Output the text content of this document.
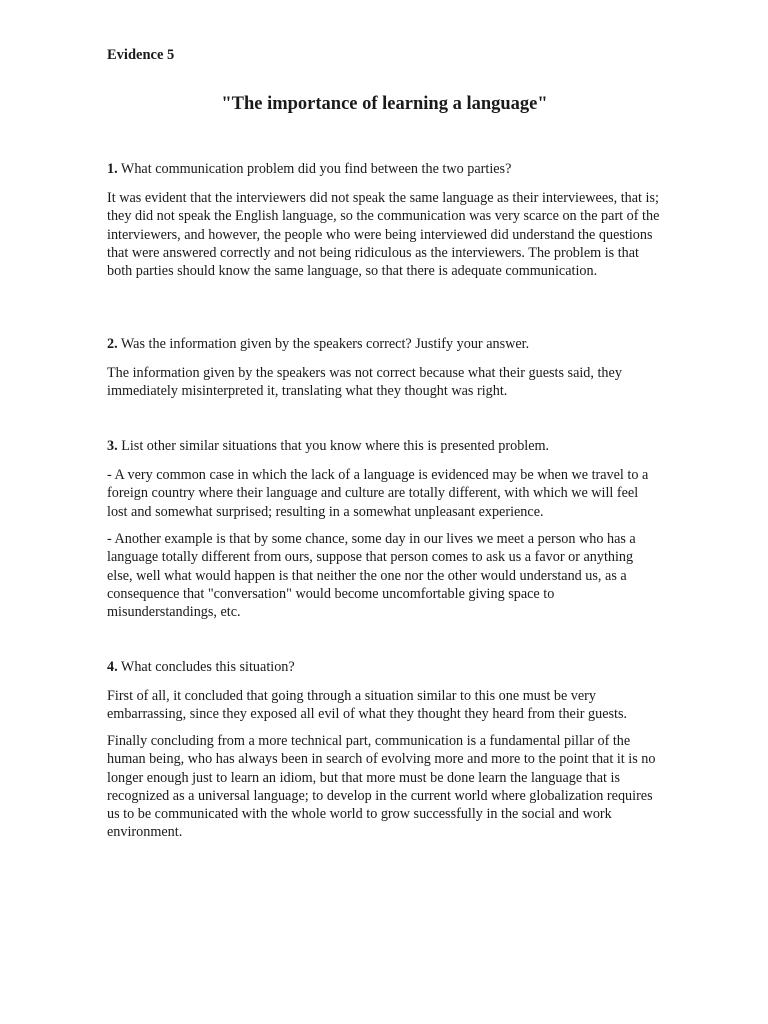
Evidence 5
"The importance of learning a language"
1. What communication problem did you find between the two parties?

It was evident that the interviewers did not speak the same language as their interviewees, that is; they did not speak the English language, so the communication was very scarce on the part of the interviewers, and however, the people who were being interviewed did understand the questions that were answered correctly and not being ridiculous as the interviewers. The problem is that both parties should know the same language, so that there is adequate communication.

2. Was the information given by the speakers correct? Justify your answer.

The information given by the speakers was not correct because what their guests said, they immediately misinterpreted it, translating what they thought was right.

3. List other similar situations that you know where this is presented problem.

- A very common case in which the lack of a language is evidenced may be when we travel to a foreign country where their language and culture are totally different, with which we will feel lost and somewhat surprised; resulting in a somewhat unpleasant experience.

- Another example is that by some chance, some day in our lives we meet a person who has a language totally different from ours, suppose that person comes to ask us a favor or anything else, well what would happen is that neither the one nor the other would understand us, as a consequence that "conversation" would become uncomfortable giving space to misunderstandings, etc.

4. What concludes this situation?

First of all, it concluded that going through a situation similar to this one must be very embarrassing, since they exposed all evil of what they thought they heard from their guests.

Finally concluding from a more technical part, communication is a fundamental pillar of the human being, who has always been in search of evolving more and more to the point that it is no longer enough just to learn an idiom, but that more must be done learn the language that is recognized as a universal language; to develop in the current world where globalization requires us to be communicated with the whole world to grow successfully in the social and work environment.
